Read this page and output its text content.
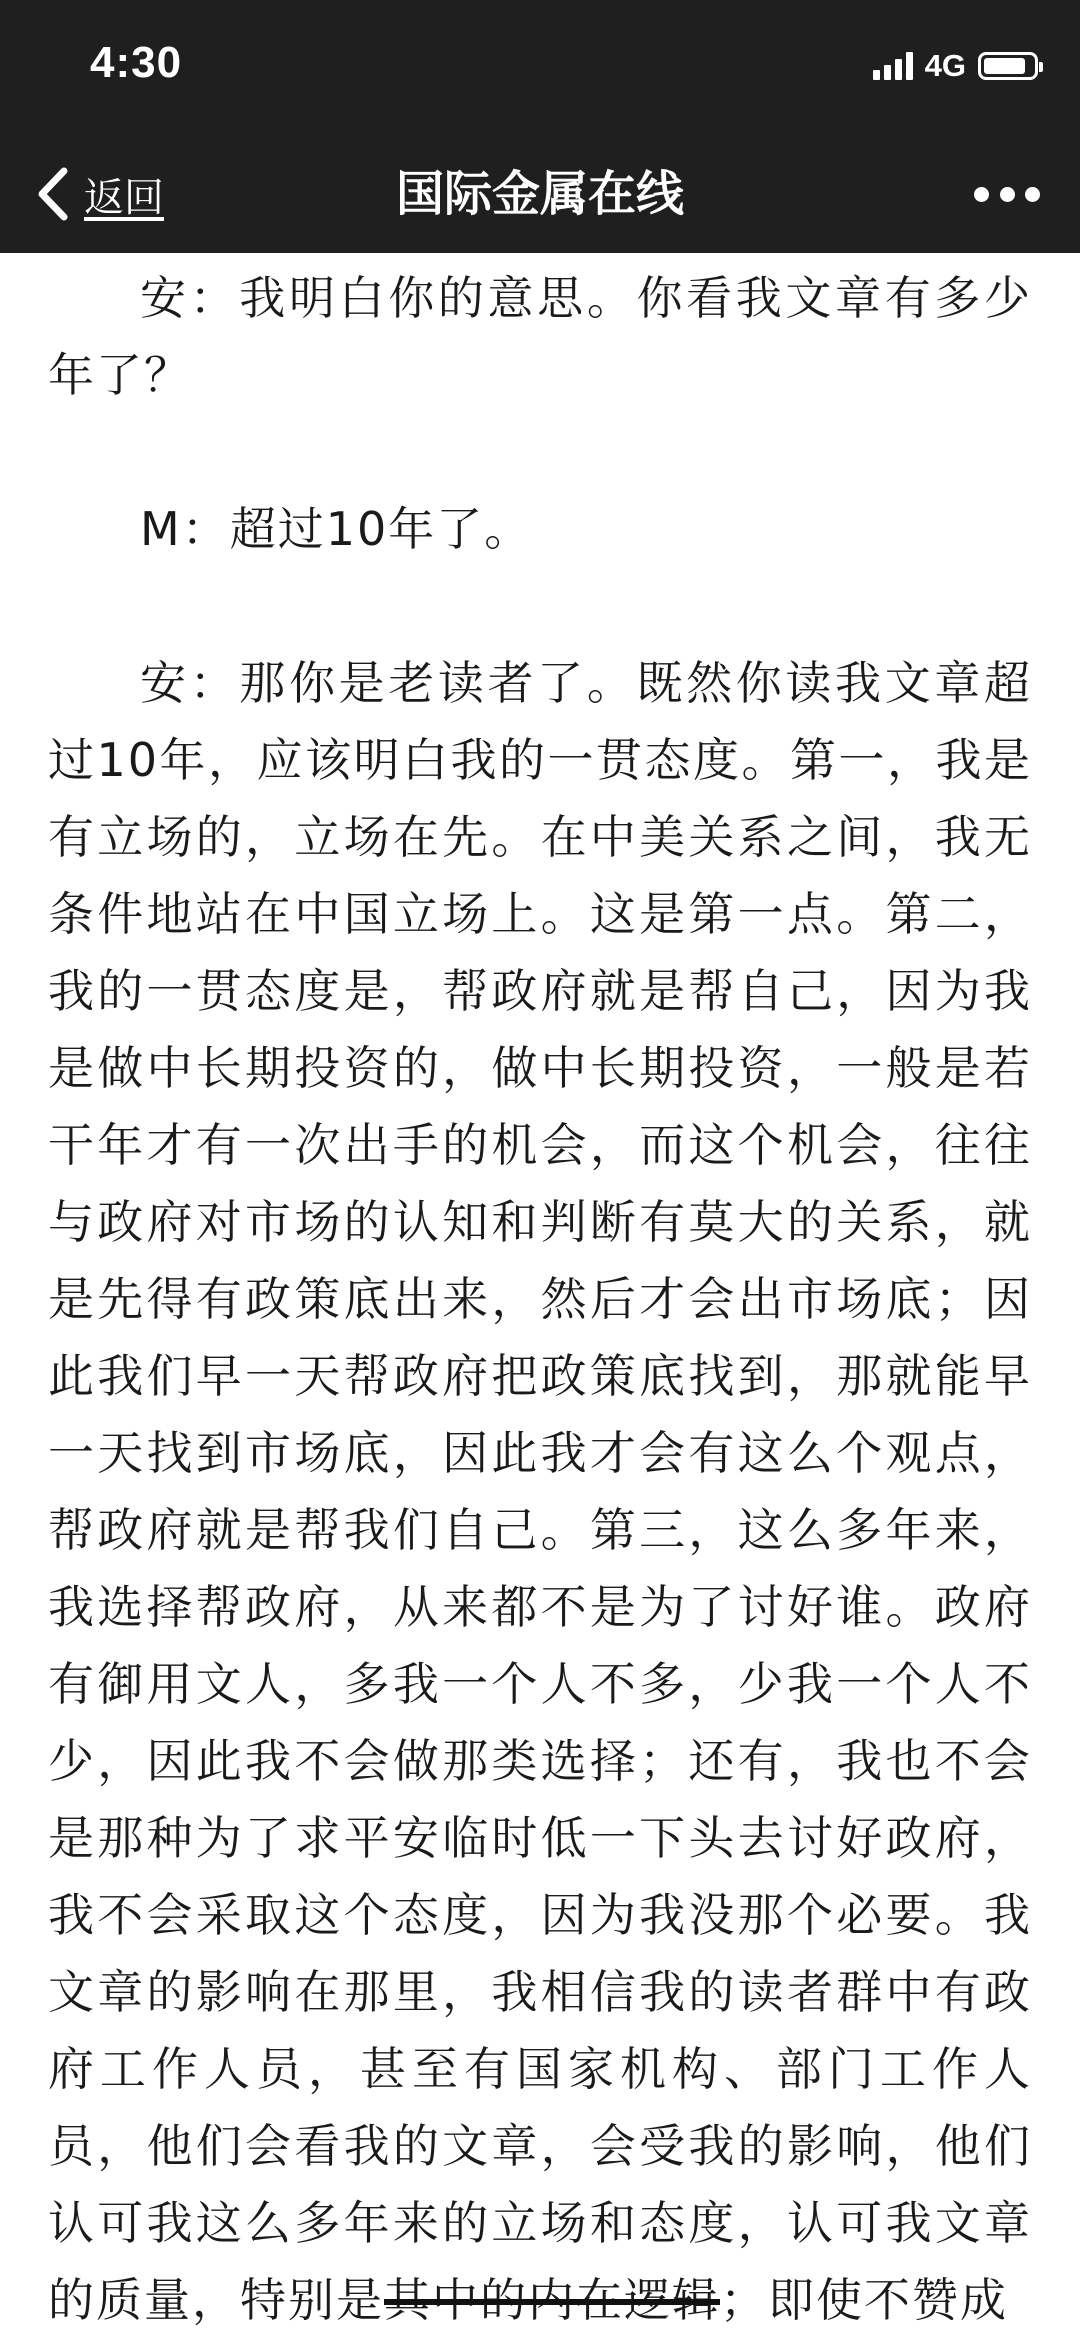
4:30	4G
返回	国际金属在线

安：我明白你的意思。你看我文章有多少年了？

M：超过10年了。

安：那你是老读者了。既然你读我文章超过10年，应该明白我的一贯态度。第一，我是有立场的，立场在先。在中美关系之间，我无条件地站在中国立场上。这是第一点。第二，我的一贯态度是，帮政府就是帮自己，因为我是做中长期投资的，做中长期投资，一般是若干年才有一次出手的机会，而这个机会，往往与政府对市场的认知和判断有莫大的关系，就是先得有政策底出来，然后才会出市场底；因此我们早一天帮政府把政策底找到，那就能早一天找到市场底，因此我才会有这么个观点，帮政府就是帮我们自己。第三，这么多年来，我选择帮政府，从来都不是为了讨好谁。政府有御用文人，多我一个人不多，少我一个人不少，因此我不会做那类选择；还有，我也不会是那种为了求平安临时低一下头去讨好政府，我不会采取这个态度，因为我没那个必要。我文章的影响在那里，我相信我的读者群中有政府工作人员，甚至有国家机构、部门工作人员，他们会看我的文章，会受我的影响，他们认可我这么多年来的立场和态度，认可我文章的质量，特别是其中的内在逻辑；即使不赞成
